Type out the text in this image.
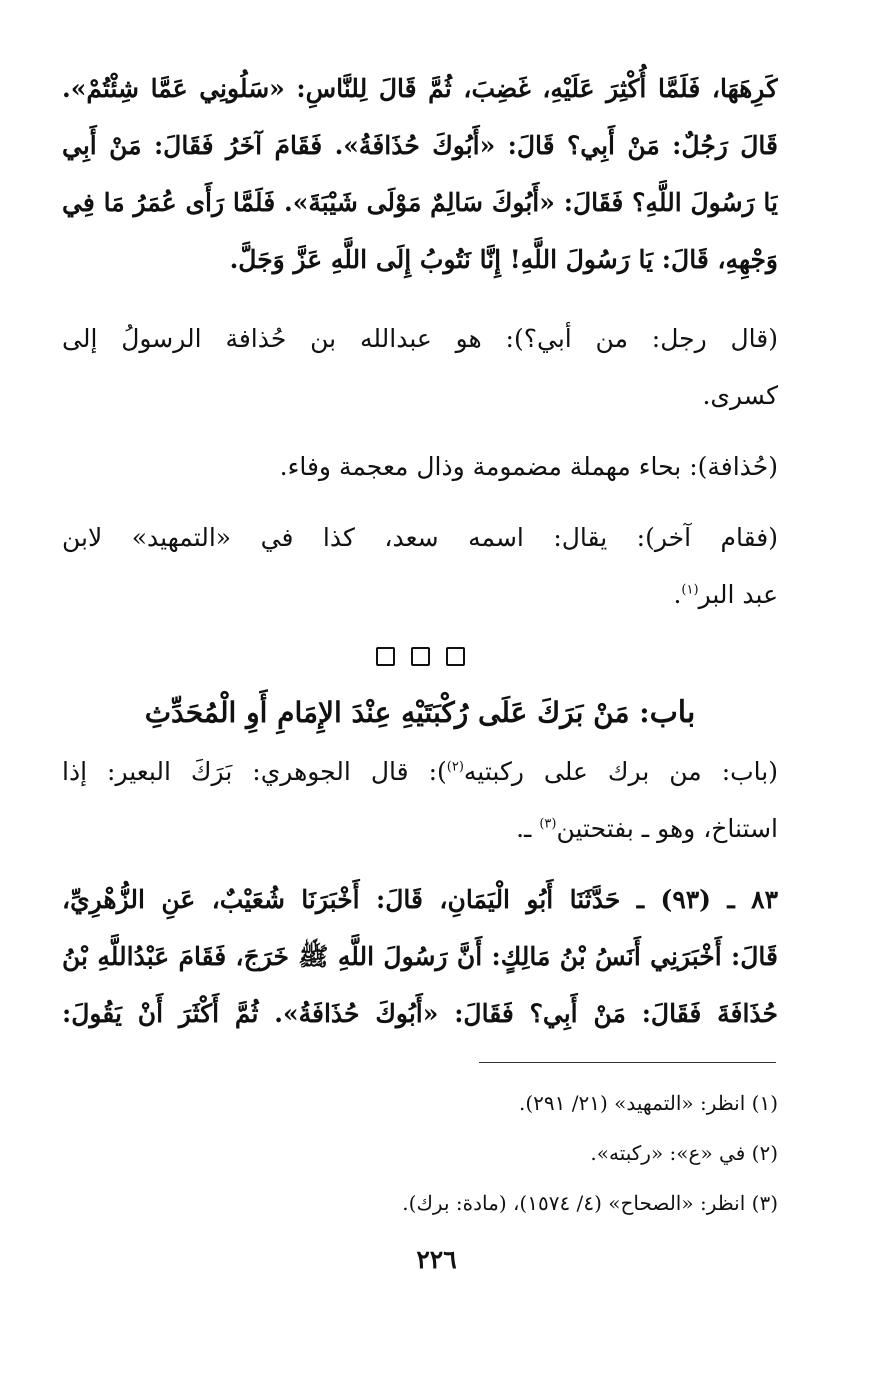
كَرِهَهَا، فَلَمَّا أُكْثِرَ عَلَيْهِ، غَضِبَ، ثُمَّ قَالَ لِلنَّاسِ: «سَلُونِي عَمَّا شِئْتُمْ».
قَالَ رَجُلٌ: مَنْ أَبِي؟ قَالَ: «أَبُوكَ حُذَافَةُ». فَقَامَ آخَرُ فَقَالَ: مَنْ أَبِي
يَا رَسُولَ اللَّهِ؟ فَقَالَ: «أَبُوكَ سَالِمٌ مَوْلَى شَيْبَةَ». فَلَمَّا رَأَى عُمَرُ مَا فِي
وَجْهِهِ، قَالَ: يَا رَسُولَ اللَّهِ! إِنَّا نَتُوبُ إِلَى اللَّهِ عَزَّ وَجَلَّ.
(قال رجل: من أبي؟): هو عبدالله بن حُذافة الرسولُ إلى
كسرى.
(حُذافة): بحاء مهملة مضمومة وذال معجمة وفاء.
(فقام آخر): يقال: اسمه سعد، كذا في «التمهيد» لابن
عبد البر$^{(١)}$.
باب: مَنْ بَرَكَ عَلَى رُكْبَتَيْهِ عِنْدَ الإِمَامِ أَوِ الْمُحَدِّثِ
(باب: من برك على ركبتيه$^{(٢)}$): قال الجوهري: بَرَكَ البعير: إذا
استناخ، وهو ـ بفتحتين$^{(٣)}$ ـ.
٨٣ ـ (٩٣) ـ حَدَّثَنَا أَبُو الْيَمَانِ، قَالَ: أَخْبَرَنَا شُعَيْبٌ، عَنِ الزُّهْرِيِّ،
قَالَ: أَخْبَرَنِي أَنَسُ بْنُ مَالِكٍ: أَنَّ رَسُولَ اللَّهِ ﷺ خَرَجَ، فَقَامَ عَبْدُاللَّهِ بْنُ
حُذَافَةَ فَقَالَ: مَنْ أَبِي؟ فَقَالَ: «أَبُوكَ حُذَافَةُ». ثُمَّ أَكْثَرَ أَنْ يَقُولَ:
(١) انظر: «التمهيد» (٢١/ ٢٩١).
(٢) في «ع»: «ركبته».
(٣) انظر: «الصحاح» (٤/ ١٥٧٤)، (مادة: برك).
٢٢٦
